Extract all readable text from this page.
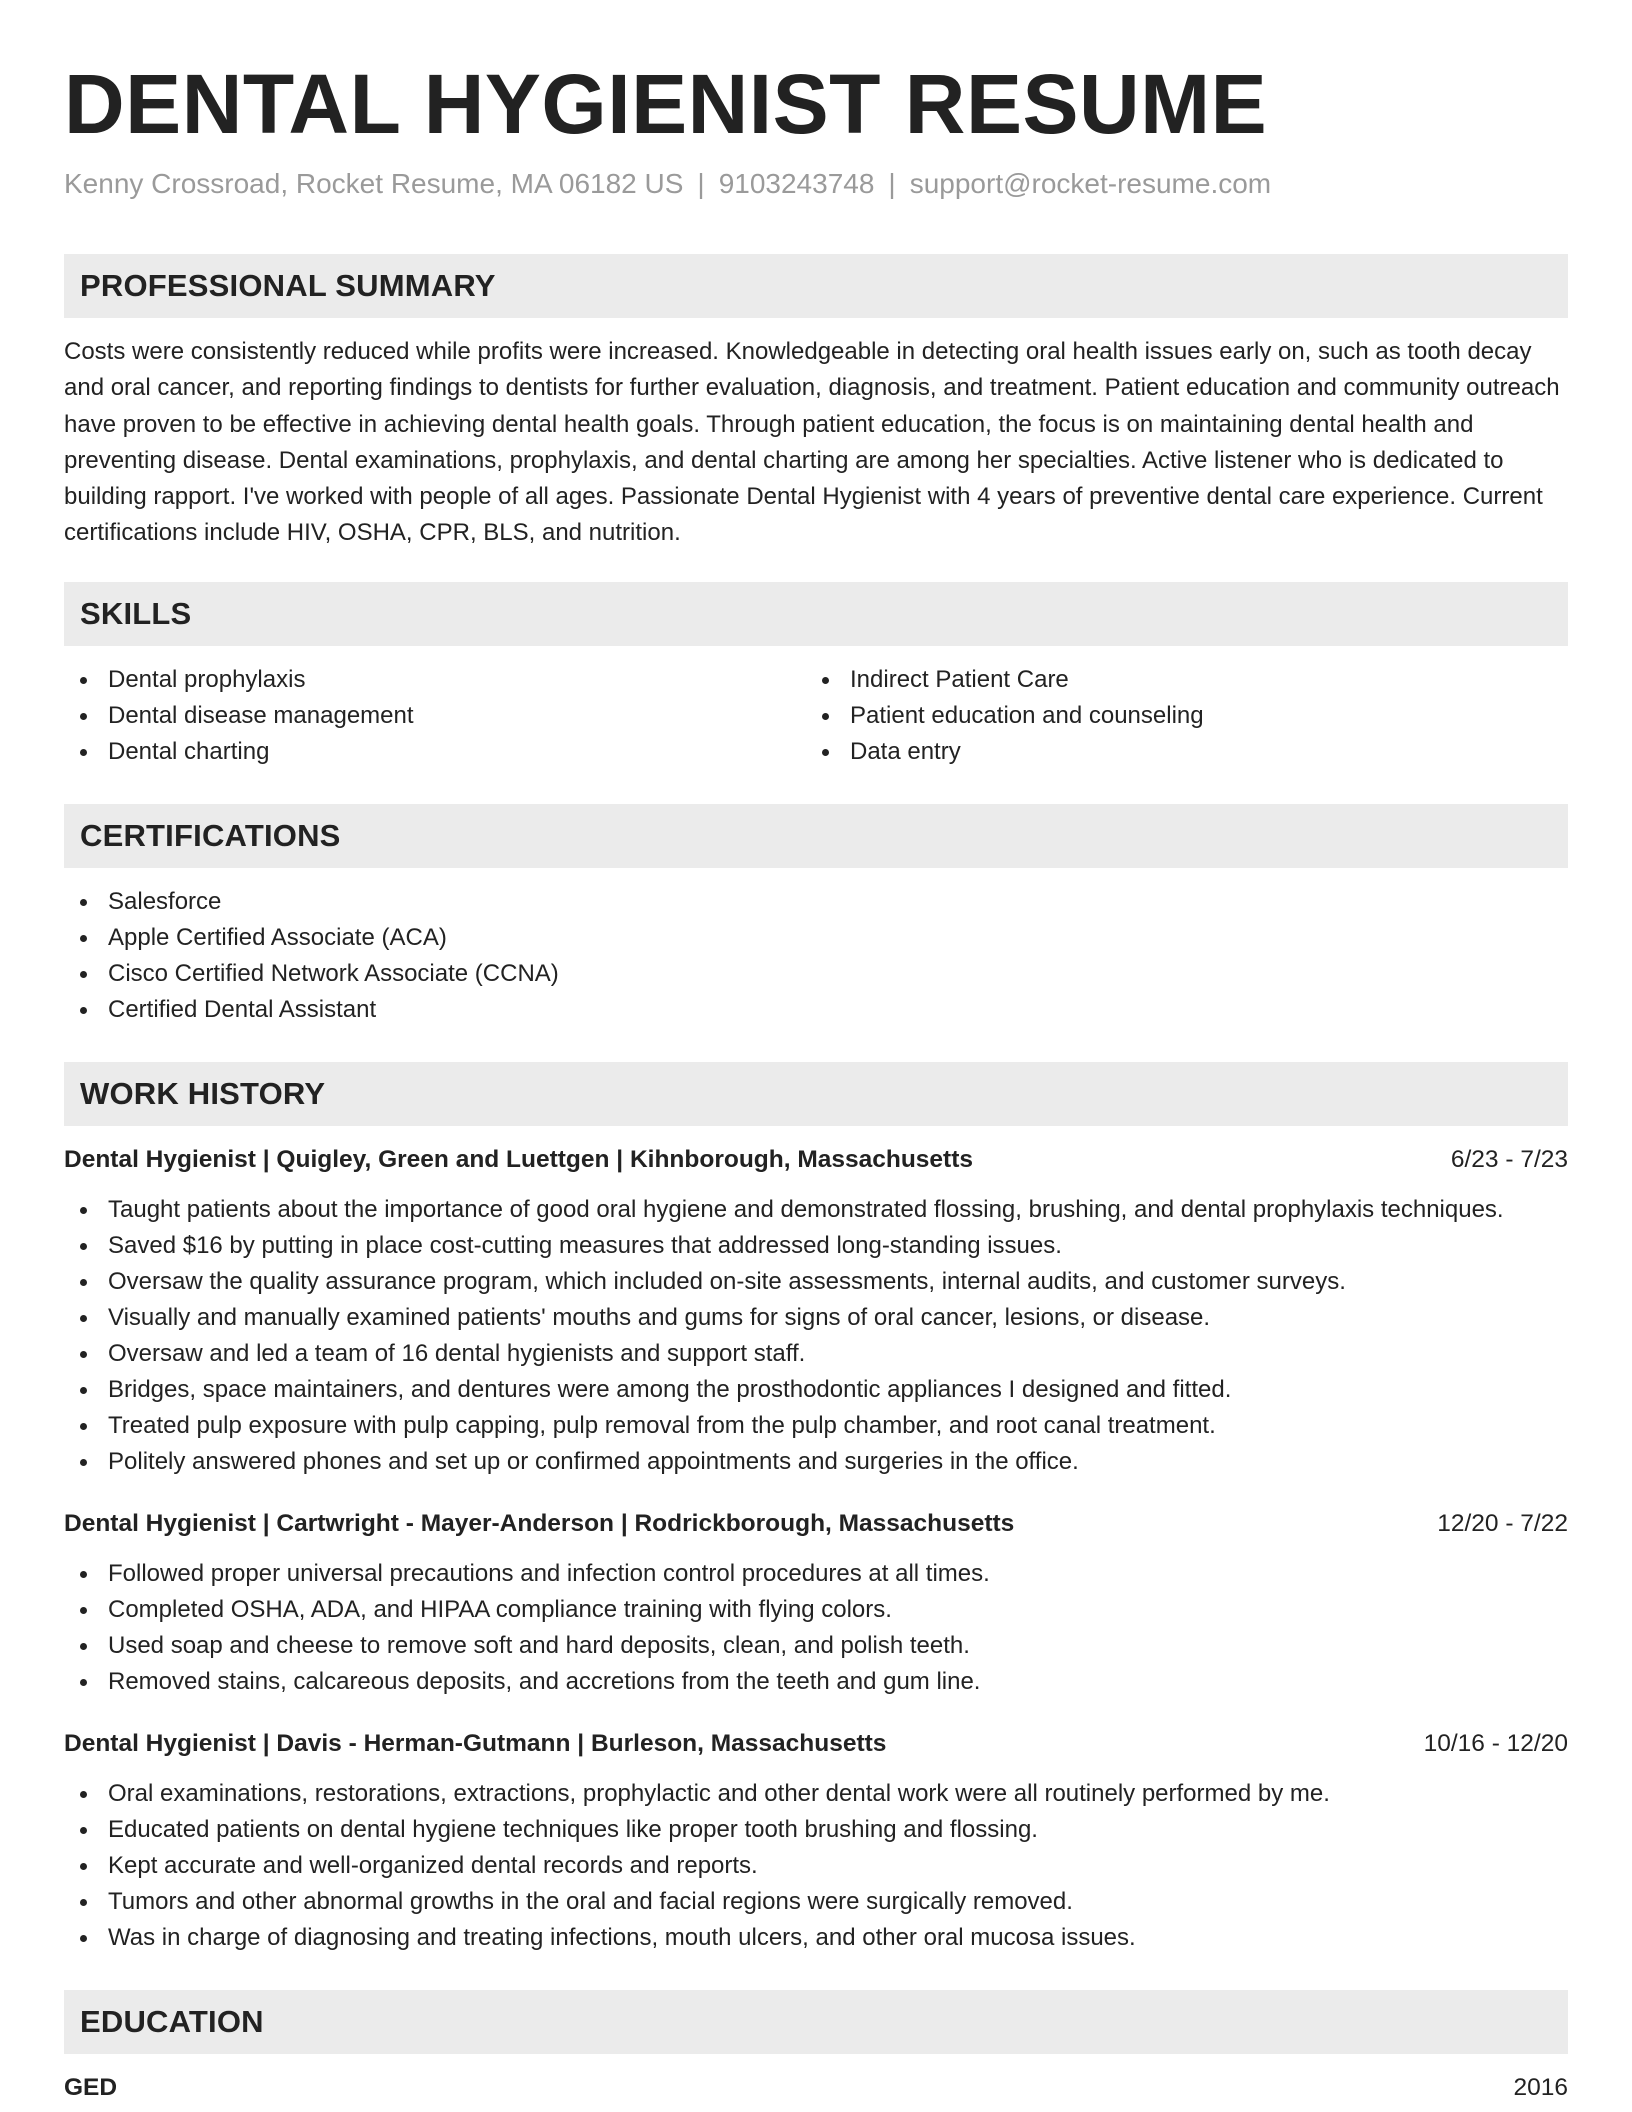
DENTAL HYGIENIST RESUME
Kenny Crossroad, Rocket Resume, MA 06182 US | 9103243748 | support@rocket-resume.com
PROFESSIONAL SUMMARY

Costs were consistently reduced while profits were increased. Knowledgeable in detecting oral health issues early on, such as tooth decay and oral cancer, and reporting findings to dentists for further evaluation, diagnosis, and treatment. Patient education and community outreach have proven to be effective in achieving dental health goals. Through patient education, the focus is on maintaining dental health and preventing disease. Dental examinations, prophylaxis, and dental charting are among her specialties. Active listener who is dedicated to building rapport. I've worked with people of all ages. Passionate Dental Hygienist with 4 years of preventive dental care experience. Current certifications include HIV, OSHA, CPR, BLS, and nutrition.

SKILLS
Dental prophylaxis
Dental disease management
Dental charting
Indirect Patient Care
Patient education and counseling
Data entry
CERTIFICATIONS
Salesforce
Apple Certified Associate (ACA)
Cisco Certified Network Associate (CCNA)
Certified Dental Assistant
WORK HISTORY
Dental Hygienist | Quigley, Green and Luettgen | Kihnborough, Massachusetts	6/23 - 7/23
Taught patients about the importance of good oral hygiene and demonstrated flossing, brushing, and dental prophylaxis techniques.
Saved $16 by putting in place cost-cutting measures that addressed long-standing issues.
Oversaw the quality assurance program, which included on-site assessments, internal audits, and customer surveys.
Visually and manually examined patients' mouths and gums for signs of oral cancer, lesions, or disease.
Oversaw and led a team of 16 dental hygienists and support staff.
Bridges, space maintainers, and dentures were among the prosthodontic appliances I designed and fitted.
Treated pulp exposure with pulp capping, pulp removal from the pulp chamber, and root canal treatment.
Politely answered phones and set up or confirmed appointments and surgeries in the office.
Dental Hygienist | Cartwright - Mayer-Anderson | Rodrickborough, Massachusetts	12/20 - 7/22
Followed proper universal precautions and infection control procedures at all times.
Completed OSHA, ADA, and HIPAA compliance training with flying colors.
Used soap and cheese to remove soft and hard deposits, clean, and polish teeth.
Removed stains, calcareous deposits, and accretions from the teeth and gum line.
Dental Hygienist | Davis - Herman-Gutmann | Burleson, Massachusetts	10/16 - 12/20
Oral examinations, restorations, extractions, prophylactic and other dental work were all routinely performed by me.
Educated patients on dental hygiene techniques like proper tooth brushing and flossing.
Kept accurate and well-organized dental records and reports.
Tumors and other abnormal growths in the oral and facial regions were surgically removed.
Was in charge of diagnosing and treating infections, mouth ulcers, and other oral mucosa issues.
EDUCATION
GED	2016
